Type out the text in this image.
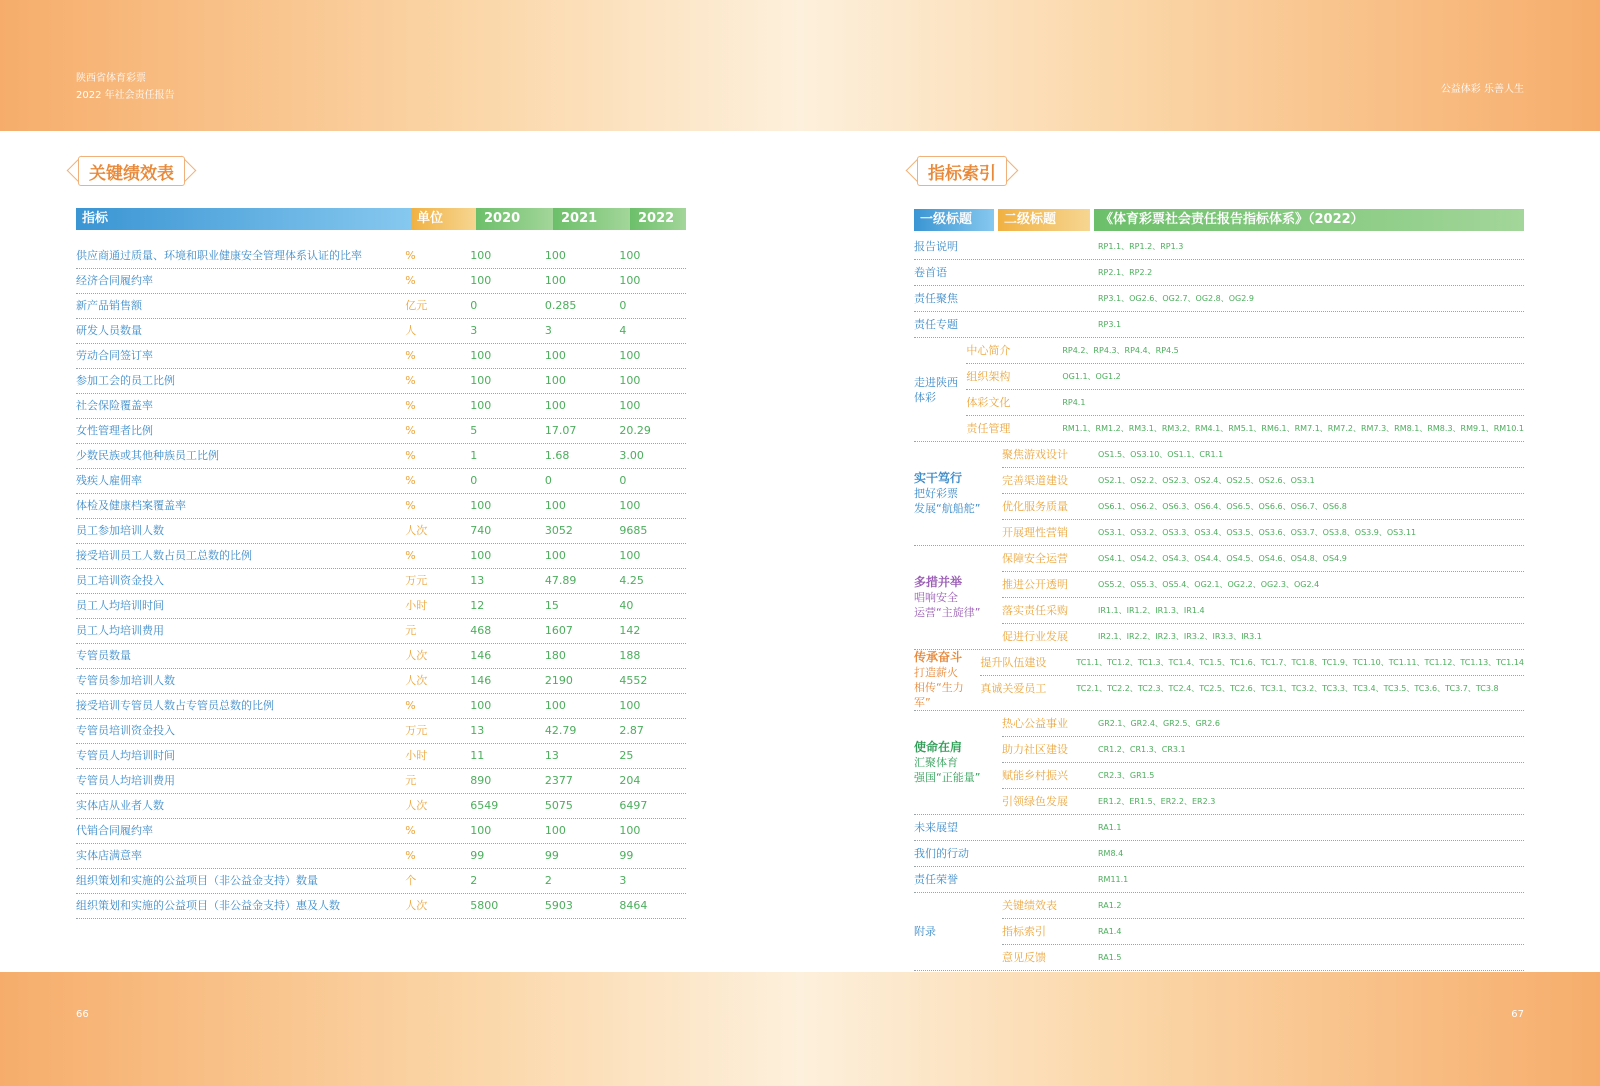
陕西省体育彩票
2022 年社会责任报告
公益体彩 乐善人生
66	67
关键绩效表	指标索引
指标	单位	2020	2021	2022
供应商通过质量、环境和职业健康安全管理体系认证的比率	%	100	100	100
经济合同履约率	%	100	100	100
新产品销售额	亿元	0	0.285	0
研发人员数量	人	3	3	4
劳动合同签订率	%	100	100	100
参加工会的员工比例	%	100	100	100
社会保险覆盖率	%	100	100	100
女性管理者比例	%	5	17.07	20.29
少数民族或其他种族员工比例	%	1	1.68	3.00
残疾人雇佣率	%	0	0	0
体检及健康档案覆盖率	%	100	100	100
员工参加培训人数	人次	740	3052	9685
接受培训员工人数占员工总数的比例	%	100	100	100
员工培训资金投入	万元	13	47.89	4.25
员工人均培训时间	小时	12	15	40
员工人均培训费用	元	468	1607	142
专管员数量	人次	146	180	188
专管员参加培训人数	人次	146	2190	4552
接受培训专管员人数占专管员总数的比例	%	100	100	100
专管员培训资金投入	万元	13	42.79	2.87
专管员人均培训时间	小时	11	13	25
专管员人均培训费用	元	890	2377	204
实体店从业者人数	人次	6549	5075	6497
代销合同履约率	%	100	100	100
实体店满意率	%	99	99	99
组织策划和实施的公益项目（非公益金支持）数量	个	2	2	3
组织策划和实施的公益项目（非公益金支持）惠及人数	人次	5800	5903	8464
一级标题	二级标题	《体育彩票社会责任报告指标体系》（2022）
报告说明	RP1.1、RP1.2、RP1.3
卷首语	RP2.1、RP2.2
责任聚焦	RP3.1、OG2.6、OG2.7、OG2.8、OG2.9
责任专题	RP3.1
走进陕西体彩
中心简介	RP4.2、RP4.3、RP4.4、RP4.5
组织架构	OG1.1、OG1.2
体彩文化	RP4.1
责任管理	RM1.1、RM1.2、RM3.1、RM3.2、RM4.1、RM5.1、RM6.1、RM7.1、RM7.2、RM7.3、RM8.1、RM8.3、RM9.1、RM10.1
实干笃行
把好彩票
发展“航船舵”
聚焦游戏设计	OS1.5、OS3.10、OS1.1、CR1.1
完善渠道建设	OS2.1、OS2.2、OS2.3、OS2.4、OS2.5、OS2.6、OS3.1
优化服务质量	OS6.1、OS6.2、OS6.3、OS6.4、OS6.5、OS6.6、OS6.7、OS6.8
开展理性营销	OS3.1、OS3.2、OS3.3、OS3.4、OS3.5、OS3.6、OS3.7、OS3.8、OS3.9、OS3.11
多措并举
唱响安全
运营“主旋律”
保障安全运营	OS4.1、OS4.2、OS4.3、OS4.4、OS4.5、OS4.6、OS4.8、OS4.9
推进公开透明	OS5.2、OS5.3、OS5.4、OG2.1、OG2.2、OG2.3、OG2.4
落实责任采购	IR1.1、IR1.2、IR1.3、IR1.4
促进行业发展	IR2.1、IR2.2、IR2.3、IR3.2、IR3.3、IR3.1
传承奋斗
打造薪火
相传“生力军”
提升队伍建设	TC1.1、TC1.2、TC1.3、TC1.4、TC1.5、TC1.6、TC1.7、TC1.8、TC1.9、TC1.10、TC1.11、TC1.12、TC1.13、TC1.14
真诚关爱员工	TC2.1、TC2.2、TC2.3、TC2.4、TC2.5、TC2.6、TC3.1、TC3.2、TC3.3、TC3.4、TC3.5、TC3.6、TC3.7、TC3.8
使命在肩
汇聚体育
强国“正能量”
热心公益事业	GR2.1、GR2.4、GR2.5、GR2.6
助力社区建设	CR1.2、CR1.3、CR3.1
赋能乡村振兴	CR2.3、GR1.5
引领绿色发展	ER1.2、ER1.5、ER2.2、ER2.3
未来展望	RA1.1
我们的行动	RM8.4
责任荣誉	RM11.1
附录
关键绩效表	RA1.2
指标索引	RA1.4
意见反馈	RA1.5
